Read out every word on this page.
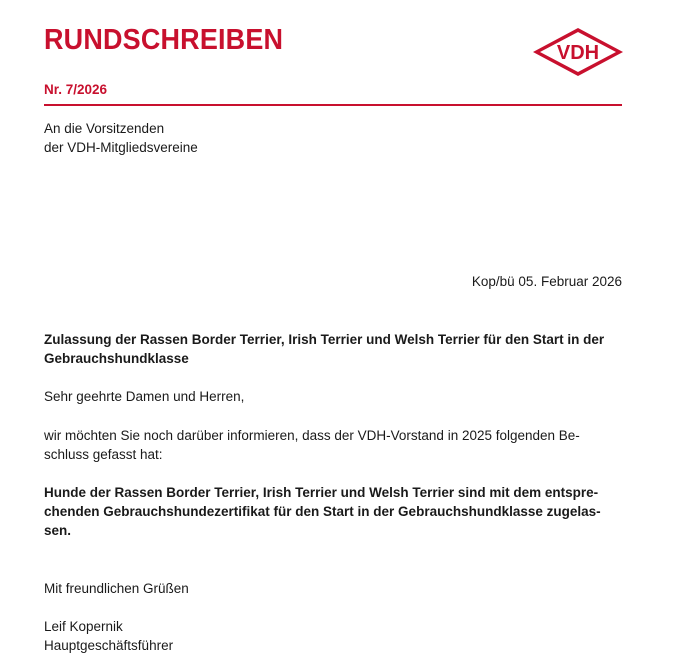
RUNDSCHREIBEN	VDH
Nr. 7/2026
An die Vorsitzenden
der VDH-Mitgliedsvereine
Kop/bü 05. Februar 2026
Zulassung der Rassen Border Terrier, Irish Terrier und Welsh Terrier für den Start in der
Gebrauchshundklasse
Sehr geehrte Damen und Herren,
wir möchten Sie noch darüber informieren, dass der VDH-Vorstand in 2025 folgenden Be-
schluss gefasst hat:
Hunde der Rassen Border Terrier, Irish Terrier und Welsh Terrier sind mit dem entspre-
chenden Gebrauchshundezertifikat für den Start in der Gebrauchshundklasse zugelas-
sen.
Mit freundlichen Grüßen
Leif Kopernik
Hauptgeschäftsführer
